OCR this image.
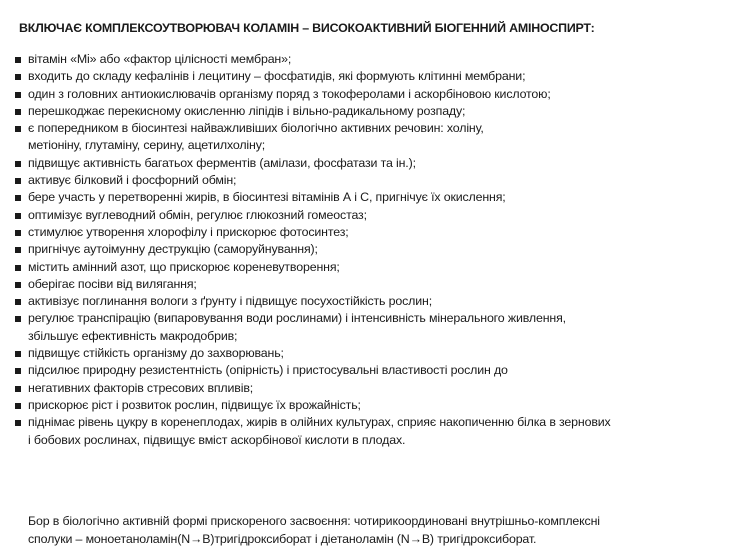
ВКЛЮЧАЄ КОМПЛЕКСОУТВОРЮВАЧ КОЛАМІН – ВИСОКОАКТИВНИЙ БІОГЕННИЙ АМІНОСПИРТ:
вітамін «Mi» або «фактор цілісності мембран»;
входить до складу кефалінів і лецитину – фосфатидів, які формують клітинні мембрани;
один з головних антиокислювачів організму поряд з токоферолами і аскорбіновою кислотою;
перешкоджає перекисному окисленню ліпідів і вільно-радикальному розпаду;
є попередником в біосинтезі найважливіших біологічно активних речовин: холіну,
метіоніну, глутаміну, серину, ацетилхоліну;
підвищує активність багатьох ферментів (амілази, фосфатази та ін.);
активує білковий і фосфорний обмін;
бере участь у перетворенні жирів, в біосинтезі вітамінів А і С, пригнічує їх окислення;
оптимізує вуглеводний обмін, регулює глюкозний гомеостаз;
стимулює утворення хлорофілу і прискорює фотосинтез;
пригнічує аутоімунну деструкцію (саморуйнування);
містить амінний азот, що прискорює кореневутворення;
оберігає посіви від вилягання;
активізує поглинання вологи з ґрунту і підвищує посухостійкість рослин;
регулює транспірацію (випаровування води рослинами) і інтенсивність мінерального живлення,
збільшує ефективність макродобрив;
підвищує стійкість організму до захворювань;
підсилює природну резистентність (опірність) і пристосувальні властивості рослин до
негативних факторів стресових впливів;
прискорює ріст і розвиток рослин, підвищує їх врожайність;
піднімає рівень цукру в коренеплодах, жирів в олійних культурах, сприяє накопиченню білка в зернових
і бобових рослинах, підвищує вміст аскорбінової кислоти в плодах.
Бор в біологічно активній формі прискореного засвоєння: чотирикоординовані внутрішньо-комплексні
сполуки – моноетаноламін(N→B)тригідроксиборат і діетаноламін (N→B) тригідроксиборат.
